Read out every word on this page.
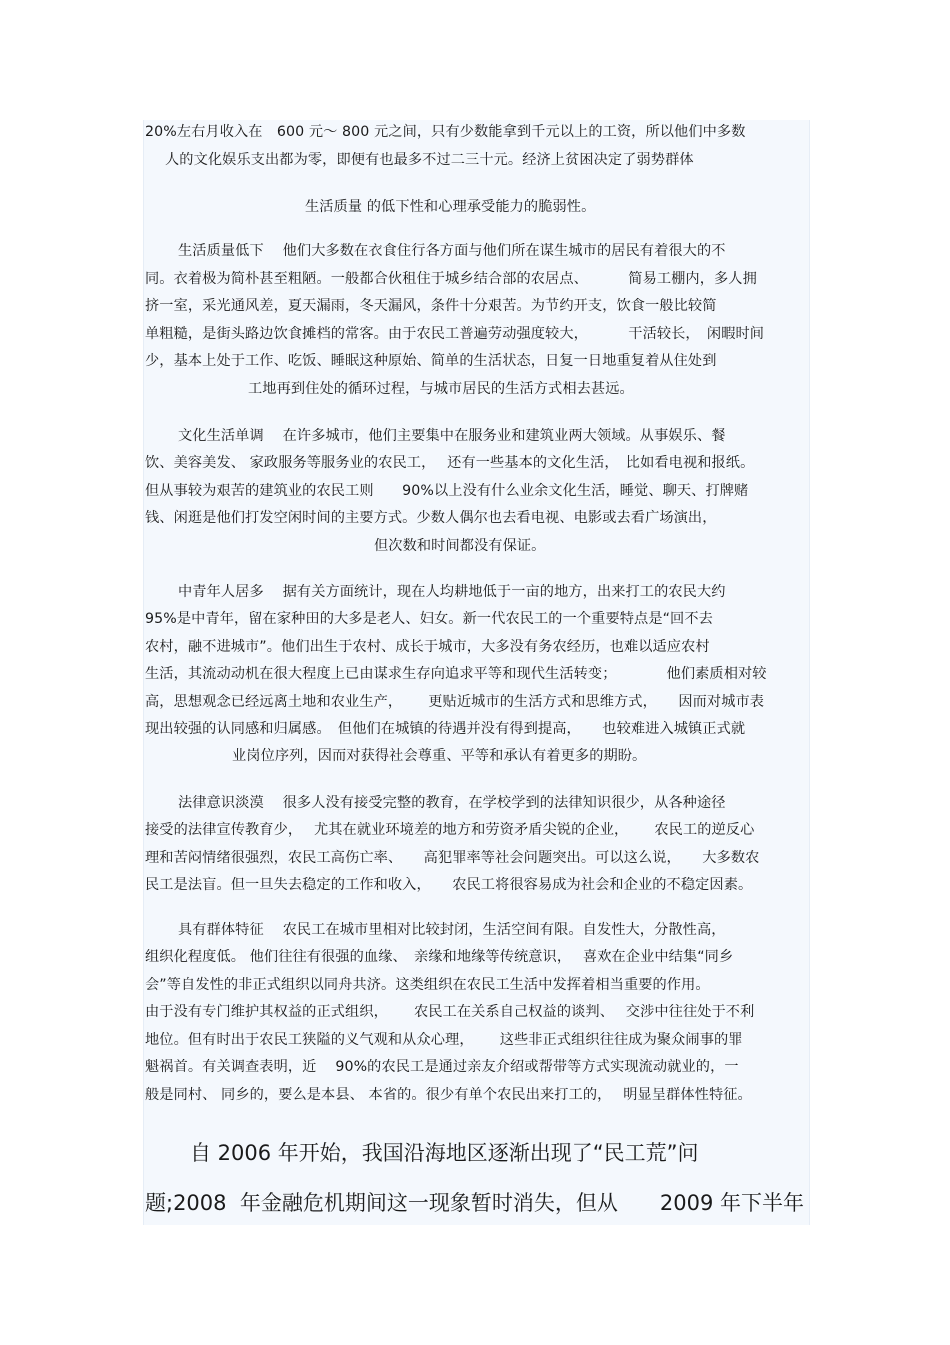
20%左右月收入在　600 元～ 800 元之间，只有少数能拿到千元以上的工资，所以他们中多数
人的文化娱乐支出都为零，即便有也最多不过二三十元。经济上贫困决定了弱势群体
生活质量 的低下性和心理承受能力的脆弱性。
生活质量低下　 他们大多数在衣食住行各方面与他们所在谋生城市的居民有着很大的不
同。衣着极为简朴甚至粗陋。一般都合伙租住于城乡结合部的农居点、　　　 简易工棚内，多人拥
挤一室，采光通风差，夏天漏雨，冬天漏风，条件十分艰苦。为节约开支，饮食一般比较简
单粗糙，是街头路边饮食摊档的常客。由于农民工普遍劳动强度较大，　　　 干活较长，　闲暇时间
少，基本上处于工作、吃饭、睡眠这种原始、简单的生活状态，日复一日地重复着从住处到
工地再到住处的循环过程，与城市居民的生活方式相去甚远。
文化生活单调　 在许多城市，他们主要集中在服务业和建筑业两大领域。从事娱乐、餐
饮、美容美发、 家政服务等服务业的农民工，　 还有一些基本的文化生活，　比如看电视和报纸。
但从事较为艰苦的建筑业的农民工则　　90%以上没有什么业余文化生活，睡觉、聊天、打牌赌
钱、闲逛是他们打发空闲时间的主要方式。少数人偶尔也去看电视、电影或去看广场演出，
但次数和时间都没有保证。
中青年人居多　 据有关方面统计，现在人均耕地低于一亩的地方，出来打工的农民大约
95%是中青年，留在家种田的大多是老人、妇女。新一代农民工的一个重要特点是“回不去
农村，融不进城市”。他们出生于农村、成长于城市，大多没有务农经历，也难以适应农村
生活，其流动动机在很大程度上已由谋求生存向追求平等和现代生活转变；　　　　他们素质相对较
高，思想观念已经远离土地和农业生产，　　 更贴近城市的生活方式和思维方式，　　因而对城市表
现出较强的认同感和归属感。　但他们在城镇的待遇并没有得到提高，　　也较难进入城镇正式就
业岗位序列，因而对获得社会尊重、平等和承认有着更多的期盼。
法律意识淡漠　 很多人没有接受完整的教育，在学校学到的法律知识很少，从各种途径
接受的法律宣传教育少，　 尤其在就业环境差的地方和劳资矛盾尖锐的企业，　　 农民工的逆反心
理和苦闷情绪很强烈，农民工高伤亡率、　　高犯罪率等社会问题突出。可以这么说，　　大多数农
民工是法盲。但一旦失去稳定的工作和收入，　　农民工将很容易成为社会和企业的不稳定因素。
具有群体特征　 农民工在城市里相对比较封闭，生活空间有限。自发性大，分散性高，
组织化程度低。 他们往往有很强的血缘、　亲缘和地缘等传统意识，　 喜欢在企业中结集“同乡
会”等自发性的非正式组织以同舟共济。这类组织在农民工生活中发挥着相当重要的作用。
由于没有专门维护其权益的正式组织，　　 农民工在关系自己权益的谈判、　 交涉中往往处于不利
地位。但有时出于农民工狭隘的义气观和从众心理，　　 这些非正式组织往往成为聚众闹事的罪
魁祸首。有关调查表明，近　 90%的农民工是通过亲友介绍或帮带等方式实现流动就业的，一
般是同村、 同乡的，要么是本县、 本省的。很少有单个农民出来打工的，　 明显呈群体性特征。
自 2006 年开始，我国沿海地区逐渐出现了“民工荒”问
题;2008  年金融危机期间这一现象暂时消失，但从　　2009 年下半年
